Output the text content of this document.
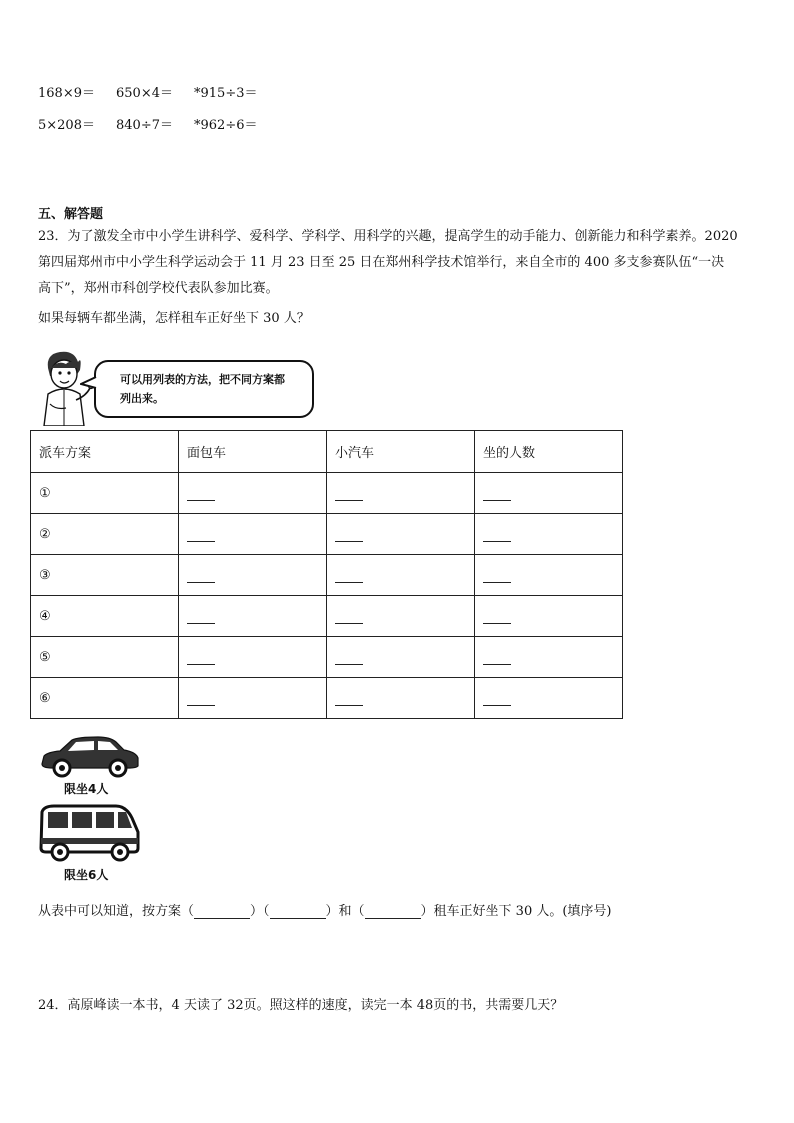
168×9＝ 650×4＝ *915÷3＝
5×208＝ 840÷7＝ *962÷6＝
五、解答题
23．为了激发全市中小学生讲科学、爱科学、学科学、用科学的兴趣，提高学生的动手能力、创新能力和科学素养。2020
第四届郑州市中小学生科学运动会于 11 月 23 日至 25 日在郑州科学技术馆举行，来自全市的 400 多支参赛队伍“一决
高下”，郑州市科创学校代表队参加比赛。
如果每辆车都坐满，怎样租车正好坐下 30 人？
可以用列表的方法，把不同方案都
列出来。
派车方案	面包车	小汽车	坐的人数
①			
②			
③			
④			
⑤			
⑥			
限坐4人
限坐6人
从表中可以知道，按方案（	）（	）和（	）租车正好坐下 30 人。(填序号)
24．高原峰读一本书，4 天读了 32页。照这样的速度，读完一本 48页的书，共需要几天？
